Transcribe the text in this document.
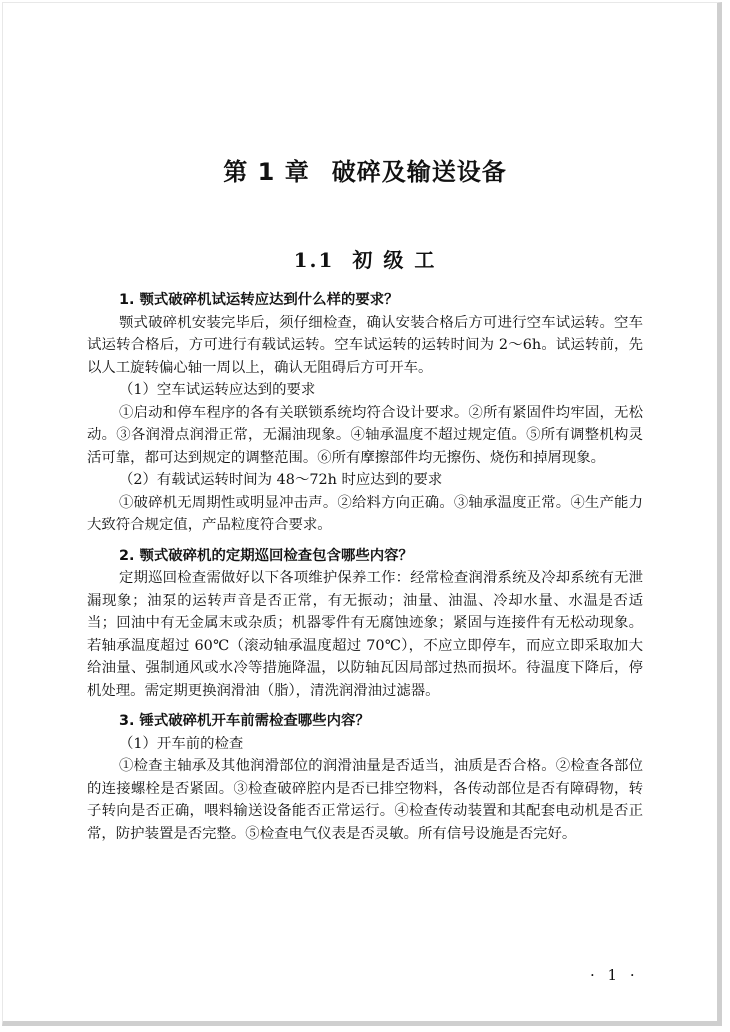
第 1 章 破碎及输送设备
1.1 初 级 工

1. 颚式破碎机试运转应达到什么样的要求？

颚式破碎机安装完毕后，须仔细检查，确认安装合格后方可进行空车试运转。空车试运转合格后，方可进行有载试运转。空车试运转的运转时间为 2～6h。试运转前，先以人工旋转偏心轴一周以上，确认无阻碍后方可开车。

（1）空车试运转应达到的要求

①启动和停车程序的各有关联锁系统均符合设计要求。②所有紧固件均牢固，无松动。③各润滑点润滑正常，无漏油现象。④轴承温度不超过规定值。⑤所有调整机构灵活可靠，都可达到规定的调整范围。⑥所有摩擦部件均无擦伤、烧伤和掉屑现象。

（2）有载试运转时间为 48～72h 时应达到的要求

①破碎机无周期性或明显冲击声。②给料方向正确。③轴承温度正常。④生产能力大致符合规定值，产品粒度符合要求。

2. 颚式破碎机的定期巡回检查包含哪些内容？

定期巡回检查需做好以下各项维护保养工作：经常检查润滑系统及冷却系统有无泄漏现象；油泵的运转声音是否正常，有无振动；油量、油温、冷却水量、水温是否适当；回油中有无金属末或杂质；机器零件有无腐蚀迹象；紧固与连接件有无松动现象。若轴承温度超过 60℃（滚动轴承温度超过 70℃），不应立即停车，而应立即采取加大给油量、强制通风或水冷等措施降温，以防轴瓦因局部过热而损坏。待温度下降后，停机处理。需定期更换润滑油（脂），清洗润滑油过滤器。

3. 锤式破碎机开车前需检查哪些内容？

（1）开车前的检查

①检查主轴承及其他润滑部位的润滑油量是否适当，油质是否合格。②检查各部位的连接螺栓是否紧固。③检查破碎腔内是否已排空物料，各传动部位是否有障碍物，转子转向是否正确，喂料输送设备能否正常运行。④检查传动装置和其配套电动机是否正常，防护装置是否完整。⑤检查电气仪表是否灵敏。所有信号设施是否完好。

· 1 ·
